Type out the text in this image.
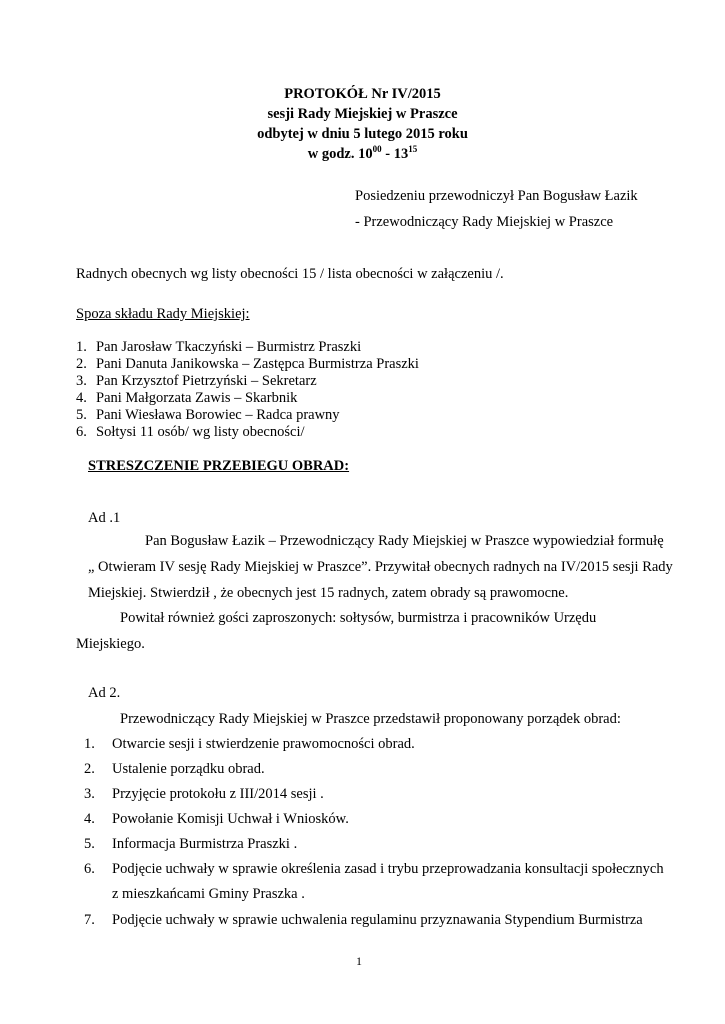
PROTOKÓŁ Nr IV/2015
sesji Rady Miejskiej w Praszce
odbytej w dniu 5 lutego 2015 roku
w godz. $10^{00} - 13^{15}$
Posiedzeniu przewodniczył Pan Bogusław Łazik
- Przewodniczący Rady Miejskiej w Praszce
Radnych obecnych wg listy obecności 15 / lista obecności w załączeniu /.
Spoza składu Rady Miejskiej:
1. Pan Jarosław Tkaczyński – Burmistrz Praszki
2. Pani Danuta Janikowska – Zastępca Burmistrza Praszki
3. Pan Krzysztof Pietrzyński – Sekretarz
4. Pani Małgorzata Zawis – Skarbnik
5. Pani Wiesława Borowiec – Radca prawny
6. Sołtysi 11 osób/ wg listy obecności/
STRESZCZENIE PRZEBIEGU OBRAD:
Ad .1
Pan Bogusław Łazik – Przewodniczący Rady Miejskiej w Praszce wypowiedział formułę
„ Otwieram IV sesję Rady Miejskiej w Praszce”. Przywitał obecnych radnych na IV/2015 sesji Rady
Miejskiej. Stwierdził , że obecnych jest 15 radnych, zatem obrady są prawomocne.
Powitał również gości zaproszonych: sołtysów, burmistrza i pracowników Urzędu
Miejskiego.
Ad 2.
Przewodniczący Rady Miejskiej w Praszce przedstawił proponowany porządek obrad:
1. Otwarcie sesji i stwierdzenie prawomocności obrad.
2. Ustalenie porządku obrad.
3. Przyjęcie protokołu z III/2014 sesji .
4. Powołanie Komisji Uchwał i Wniosków.
5. Informacja Burmistrza Praszki .
6. Podjęcie uchwały w sprawie określenia zasad i trybu przeprowadzania konsultacji społecznych
z mieszkańcami Gminy Praszka .
7. Podjęcie uchwały w sprawie uchwalenia regulaminu przyznawania Stypendium Burmistrza
1
